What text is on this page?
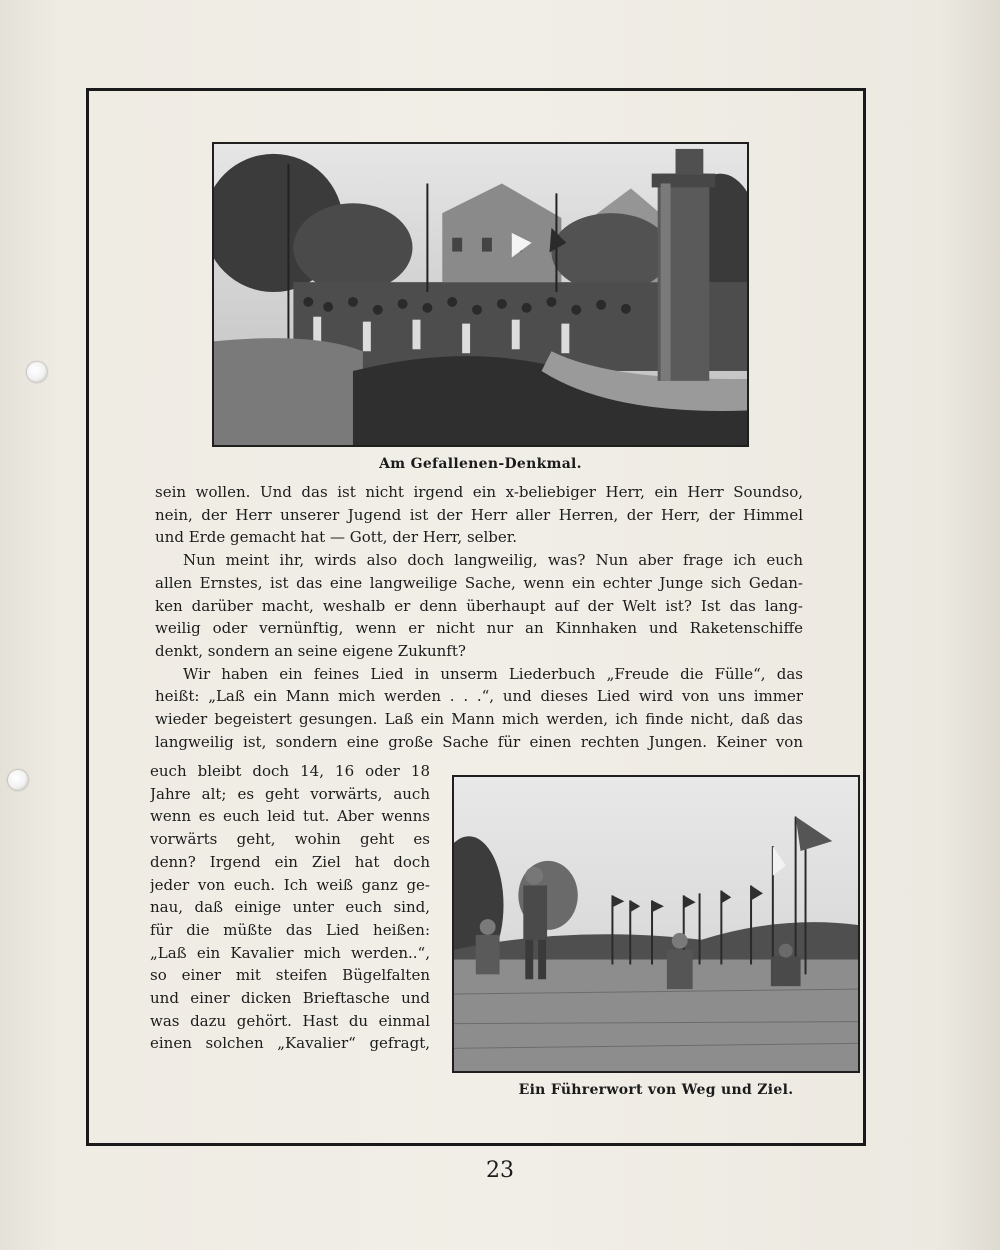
Am Gefallenen-Denkmal.
sein wollen. Und das ist nicht irgend ein x-beliebiger Herr, ein Herr Soundso,
nein, der Herr unserer Jugend ist der Herr aller Herren, der Herr, der Himmel
und Erde gemacht hat — Gott, der Herr, selber.
Nun meint ihr, wirds also doch langweilig, was? Nun aber frage ich euch
allen Ernstes, ist das eine langweilige Sache, wenn ein echter Junge sich Gedan-
ken darüber macht, weshalb er denn überhaupt auf der Welt ist? Ist das lang-
weilig oder vernünftig, wenn er nicht nur an Kinnhaken und Raketenschiffe
denkt, sondern an seine eigene Zukunft?
Wir haben ein feines Lied in unserm Liederbuch „Freude die Fülle“, das
heißt: „Laß ein Mann mich werden . . .“, und dieses Lied wird von uns immer
wieder begeistert gesungen. Laß ein Mann mich werden, ich finde nicht, daß das
langweilig ist, sondern eine große Sache für einen rechten Jungen. Keiner von
euch bleibt doch 14, 16 oder 18
Jahre alt; es geht vorwärts, auch
wenn es euch leid tut. Aber wenns
vorwärts geht, wohin geht es
denn? Irgend ein Ziel hat doch
jeder von euch. Ich weiß ganz ge-
nau, daß einige unter euch sind,
für die müßte das Lied heißen:
„Laß ein Kavalier mich werden..“,
so einer mit steifen Bügelfalten
und einer dicken Brieftasche und
was dazu gehört. Hast du einmal
einen solchen „Kavalier“ gefragt,
Ein Führerwort von Weg und Ziel.
23
